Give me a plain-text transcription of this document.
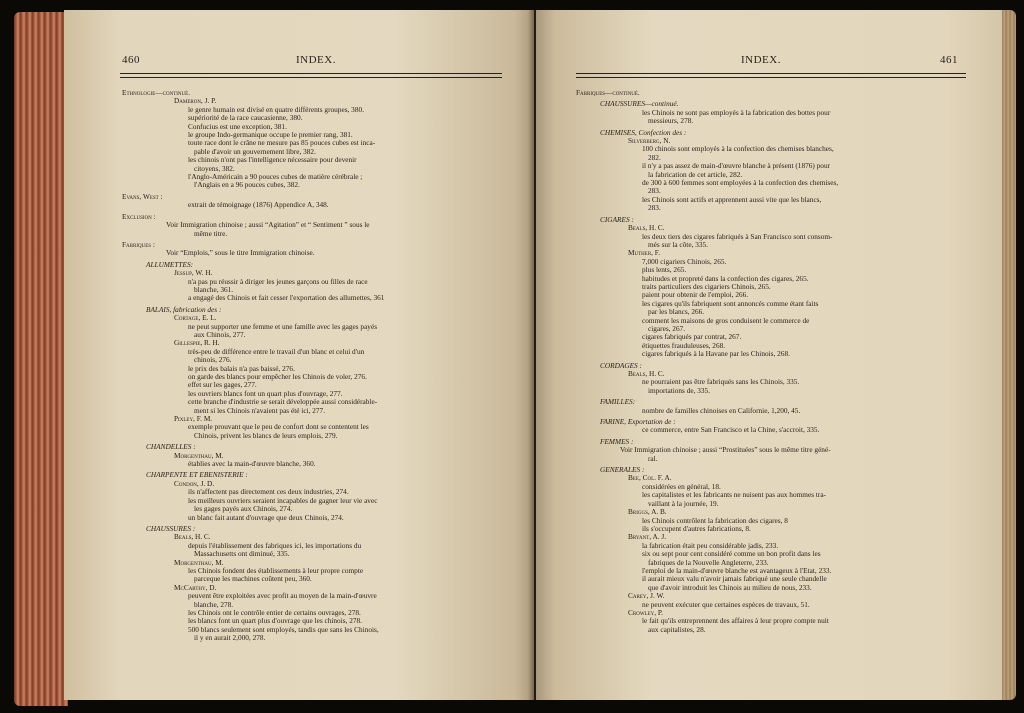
460	INDEX.
Ethnologie—continué.
Dameron, J. P.
le genre humain est divisé en quatre différents groupes, 380.
supériorité de la race caucasienne, 380.
Confucius est une exception, 381.
le groupe Indo-germanique occupe le premier rang, 381.
toute race dont le crâne ne mesure pas 85 pouces cubes est inca-
pable d'avoir un gouvernement libre, 382.
les chinois n'ont pas l'intelligence nécessaire pour devenir
citoyens, 382.
l'Anglo-Américain a 90 pouces cubes de matière cérébrale ;
l'Anglais en a 96 pouces cubes, 382.
Evans, West :
extrait de témoignage (1876) Appendice A, 348.
Exclusion :
Voir Immigration chinoise ; aussi “Agitation” et “ Sentiment ” sous le
même titre.
Fabriques :
Voir “Emplois,” sous le titre Immigration chinoise.
ALLUMETTES:
Jessup, W. H.
n'a pas pu réussir à diriger les jeunes garçons ou filles de race
blanche, 361.
a engagé des Chinois et fait cesser l'exportation des allumettes, 361
BALAIS, fabrication des :
Cortage, E. L.
ne peut supporter une femme et une famille avec les gages payés
aux Chinois, 277.
Gillespie, R. H.
très-peu de différence entre le travail d'un blanc et celui d'un
chinois, 276.
le prix des balais n'a pas baissé, 276.
on garde des blancs pour empêcher les Chinois de voler, 276.
effet sur les gages, 277.
les ouvriers blancs font un quart plus d'ouvrage, 277.
cette branche d'industrie se serait développée aussi considérable-
ment si les Chinois n'avaient pas été ici, 277.
Pixley, F. M.
exemple prouvant que le peu de confort dont se contentent les
Chinois, privent les blancs de leurs emplois, 279.
CHANDELLES :
Morgenthau, M.
établies avec la main-d'œuvre blanche, 360.
CHARPENTE ET EBENISTERIE :
Condon, J. D.
ils n'affectent pas directement ces deux industries, 274.
les meilleurs ouvriers seraient incapables de gagner leur vie avec
les gages payés aux Chinois, 274.
un blanc fait autant d'ouvrage que deux Chinois, 274.
CHAUSSURES :
Beals, H. C.
depuis l'établissement des fabriques ici, les importations du
Massachusetts ont diminué, 335.
Morgenthau, M.
les Chinois fondent des établissements à leur propre compte
parceque les machines coûtent peu, 360.
McCarthy, D.
peuvent être exploitées avec profit au moyen de la main-d'œuvre
blanche, 278.
les Chinois ont le contrôle entier de certains ouvrages, 278.
les blancs font un quart plus d'ouvrage que les chinois, 278.
500 blancs seulement sont employés, tandis que sans les Chinois,
il y en aurait 2,000, 278.
INDEX.	461
Fabriques—continué.
CHAUSSURES—continué.
les Chinois ne sont pas employés à la fabrication des bottes pour
messieurs, 278.
CHEMISES, Confection des :
Silverberg, N.
100 chinois sont employés à la confection des chemises blanches,
282.
il n'y a pas assez de main-d'œuvre blanche à présent (1876) pour
la fabrication de cet article, 282.
de 300 à 600 femmes sont employées à la confection des chemises,
283.
les Chinois sont actifs et apprennent aussi vite que les blancs,
283.
CIGARES :
Beals, H. C.
les deux tiers des cigares fabriqués à San Francisco sont consom-
més sur la côte, 335.
Muther, F.
7,000 cigariers Chinois, 265.
plus lents, 265.
habitudes et propreté dans la confection des cigares, 265.
traits particuliers des cigariers Chinois, 265.
paient pour obtenir de l'emploi, 266.
les cigares qu'ils fabriquent sont annoncés comme étant faits
par les blancs, 266.
comment les maisons de gros conduisent le commerce de
cigares, 267.
cigares fabriqués par contrat, 267.
étiquettes frauduleuses, 268.
cigares fabriqués à la Havane par les Chinois, 268.
CORDAGES :
Beals, H. C.
ne pourraient pas être fabriqués sans les Chinois, 335.
importations de, 335.
FAMILLES:
nombre de familles chinoises en Californie, 1,200, 45.
FARINE, Exportation de :
ce commerce, entre San Francisco et la Chine, s'accroit, 335.
FEMMES :
Voir Immigration chinoise ; aussi “Prostituées” sous le même titre géné-
ral.
GENERALES :
Bee, Col. F. A.
considérées en général, 18.
les capitalistes et les fabricants ne nuisent pas aux hommes tra-
vaillant à la journée, 19.
Briggs, A. B.
les Chinois contrôlent la fabrication des cigares, 8
ils s'occupent d'autres fabrications, 8.
Bryant, A. J.
la fabrication était peu considérable jadis, 233.
six ou sept pour cent considéré comme un bon profit dans les
fabriques de la Nouvelle Angleterre, 233.
l'emploi de la main-d'œuvre blanche est avantageux à l'Etat, 233.
il aurait mieux valu n'avoir jamais fabriqué une seule chandelle
que d'avoir introduit les Chinois au milieu de nous, 233.
Carey, J. W.
ne peuvent exécuter que certaines espèces de travaux, 51.
Crowley, P.
le fait qu'ils entreprennent des affaires à leur propre compte nuit
aux capitalistes, 28.
